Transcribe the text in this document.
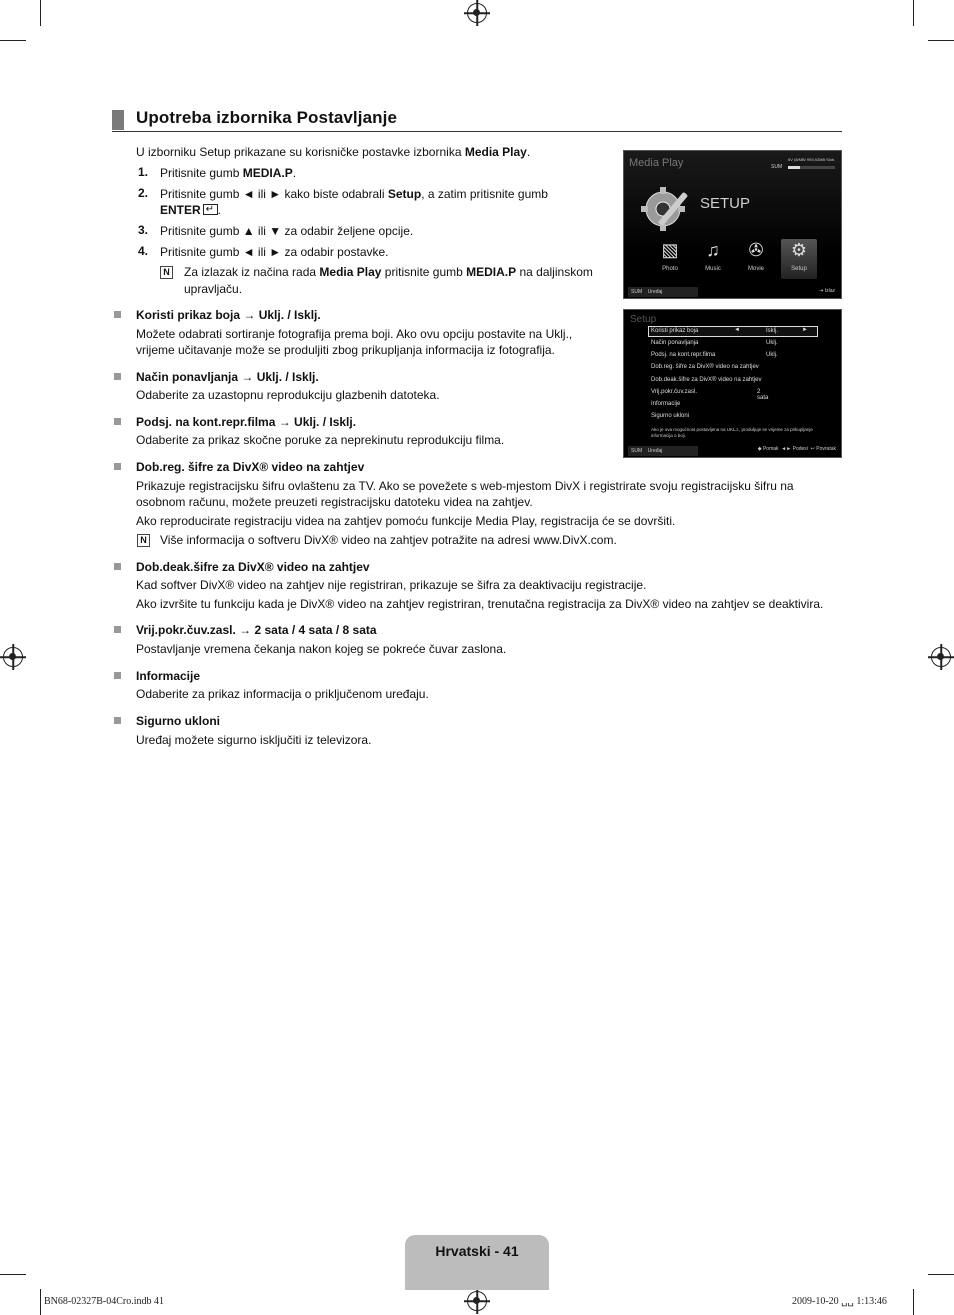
Upotreba izbornika Postavljanje
U izborniku Setup prikazane su korisničke postavke izbornika Media Play.
1. Pritisnite gumb MEDIA.P.
2. Pritisnite gumb ◄ ili ► kako biste odabrali Setup, a zatim pritisnite gumb
ENTER↵ .
3. Pritisnite gumb ▲ ili ▼ za odabir željene opcije.
4. Pritisnite gumb ◄ ili ► za odabir postavke.
N Za izlazak iz načina rada Media Play pritisnite gumb MEDIA.P na daljinskom
upravljaču.
Koristi prikaz boja → Uklj. / Isklj.
Možete odabrati sortiranje fotografija prema boji. Ako ovu opciju postavite na Uklj.,
vrijeme učitavanje može se produljiti zbog prikupljanja informacija iz fotografija.
Način ponavljanja → Uklj. / Isklj.
Odaberite za uzastopnu reprodukciju glazbenih datoteka.
Podsj. na kont.repr.filma → Uklj. / Isklj.
Odaberite za prikaz skočne poruke za neprekinutu reprodukciju filma.
Dob.reg. šifre za DivX® video na zahtjev
Prikazuje registracijsku šifru ovlaštenu za TV. Ako se povežete s web-mjestom DivX i registrirate svoju registracijsku šifru na
osobnom računu, možete preuzeti registracijsku datoteku videa na zahtjev.
Ako reproducirate registraciju videa na zahtjev pomoću funkcije Media Play, registracija će se dovršiti.
N Više informacija o softveru DivX® video na zahtjev potražite na adresi www.DivX.com.
Dob.deak.šifre za DivX® video na zahtjev
Kad softver DivX® video na zahtjev nije registriran, prikazuje se šifra za deaktivaciju registracije.
Ako izvršite tu funkciju kada je DivX® video na zahtjev registriran, trenutačna registracija za DivX® video na zahtjev se deaktivira.
Vrij.pokr.čuv.zasl. → 2 sata / 4 sata / 8 sata
Postavljanje vremena čekanja nakon kojeg se pokreće čuvar zaslona.
Informacije
Odaberite za prikaz informacija o priključenom uređaju.
Sigurno ukloni
Uređaj možete sigurno isključiti iz televizora.
Media Play	6V (8/MB/ 993,92MB Slob.
SUM
SETUP
▧
Photo
♫
Music
✇
Movie
⚙
Setup
SUM Uređaj	⇥ Izlaz
Setup
◄	►
Koristi prikaz boja	Isklj.
Način ponavljanja	Uklj.
Podsj. na kont.repr.filma	Uklj.
Dob.reg. šifre za DivX® video na zahtjev
Dob.deak.šifre za DivX® video na zahtjev
Vrij.pokr.čuv.zasl.	2 sata
Informacije
Sigurno ukloni
Ako je ova mogućnost postavljena na UKLJ., produljuje se vrijeme za prikupljanje informacija o boji.
SUM Uređaj	◆ Pomak  ◄► Podesi  ↩ Povratak
Hrvatski - 41
BN68-02327B-04Cro.indb 41	2009-10-20 ␣␣ 1:13:46
